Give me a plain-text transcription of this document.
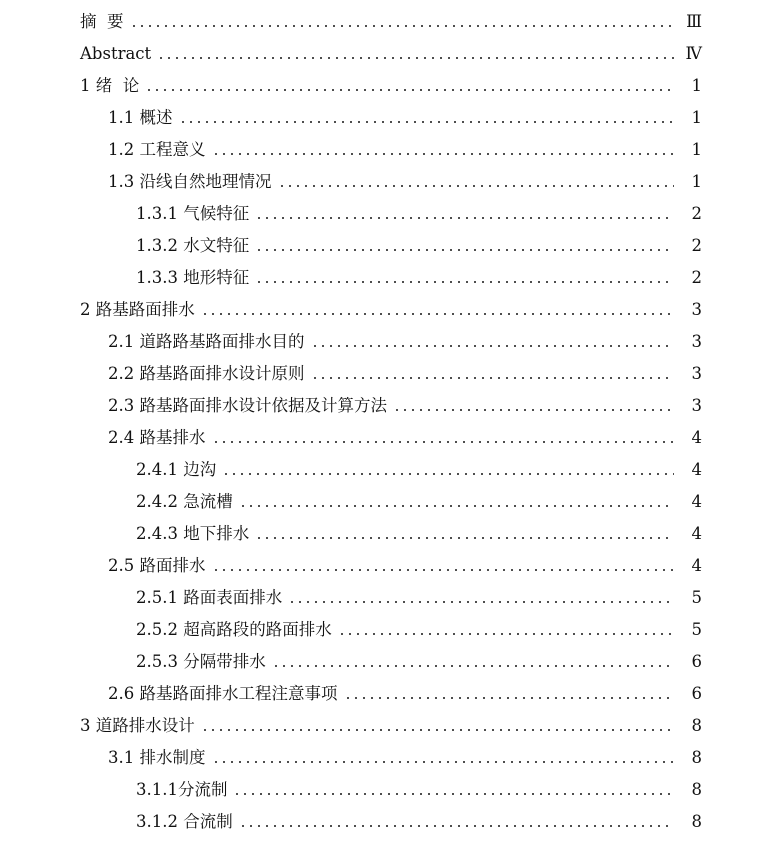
摘  要	Ⅲ
Abstract	Ⅳ
1 绪  论	1
1.1 概述	1
1.2 工程意义	1
1.3 沿线自然地理情况	1
1.3.1 气候特征	2
1.3.2 水文特征	2
1.3.3 地形特征	2
2 路基路面排水	3
2.1 道路路基路面排水目的	3
2.2 路基路面排水设计原则	3
2.3 路基路面排水设计依据及计算方法	3
2.4 路基排水	4
2.4.1 边沟	4
2.4.2 急流槽	4
2.4.3 地下排水	4
2.5 路面排水	4
2.5.1 路面表面排水	5
2.5.2 超高路段的路面排水	5
2.5.3 分隔带排水	6
2.6 路基路面排水工程注意事项	6
3 道路排水设计	8
3.1 排水制度	8
3.1.1分流制	8
3.1.2 合流制	8
